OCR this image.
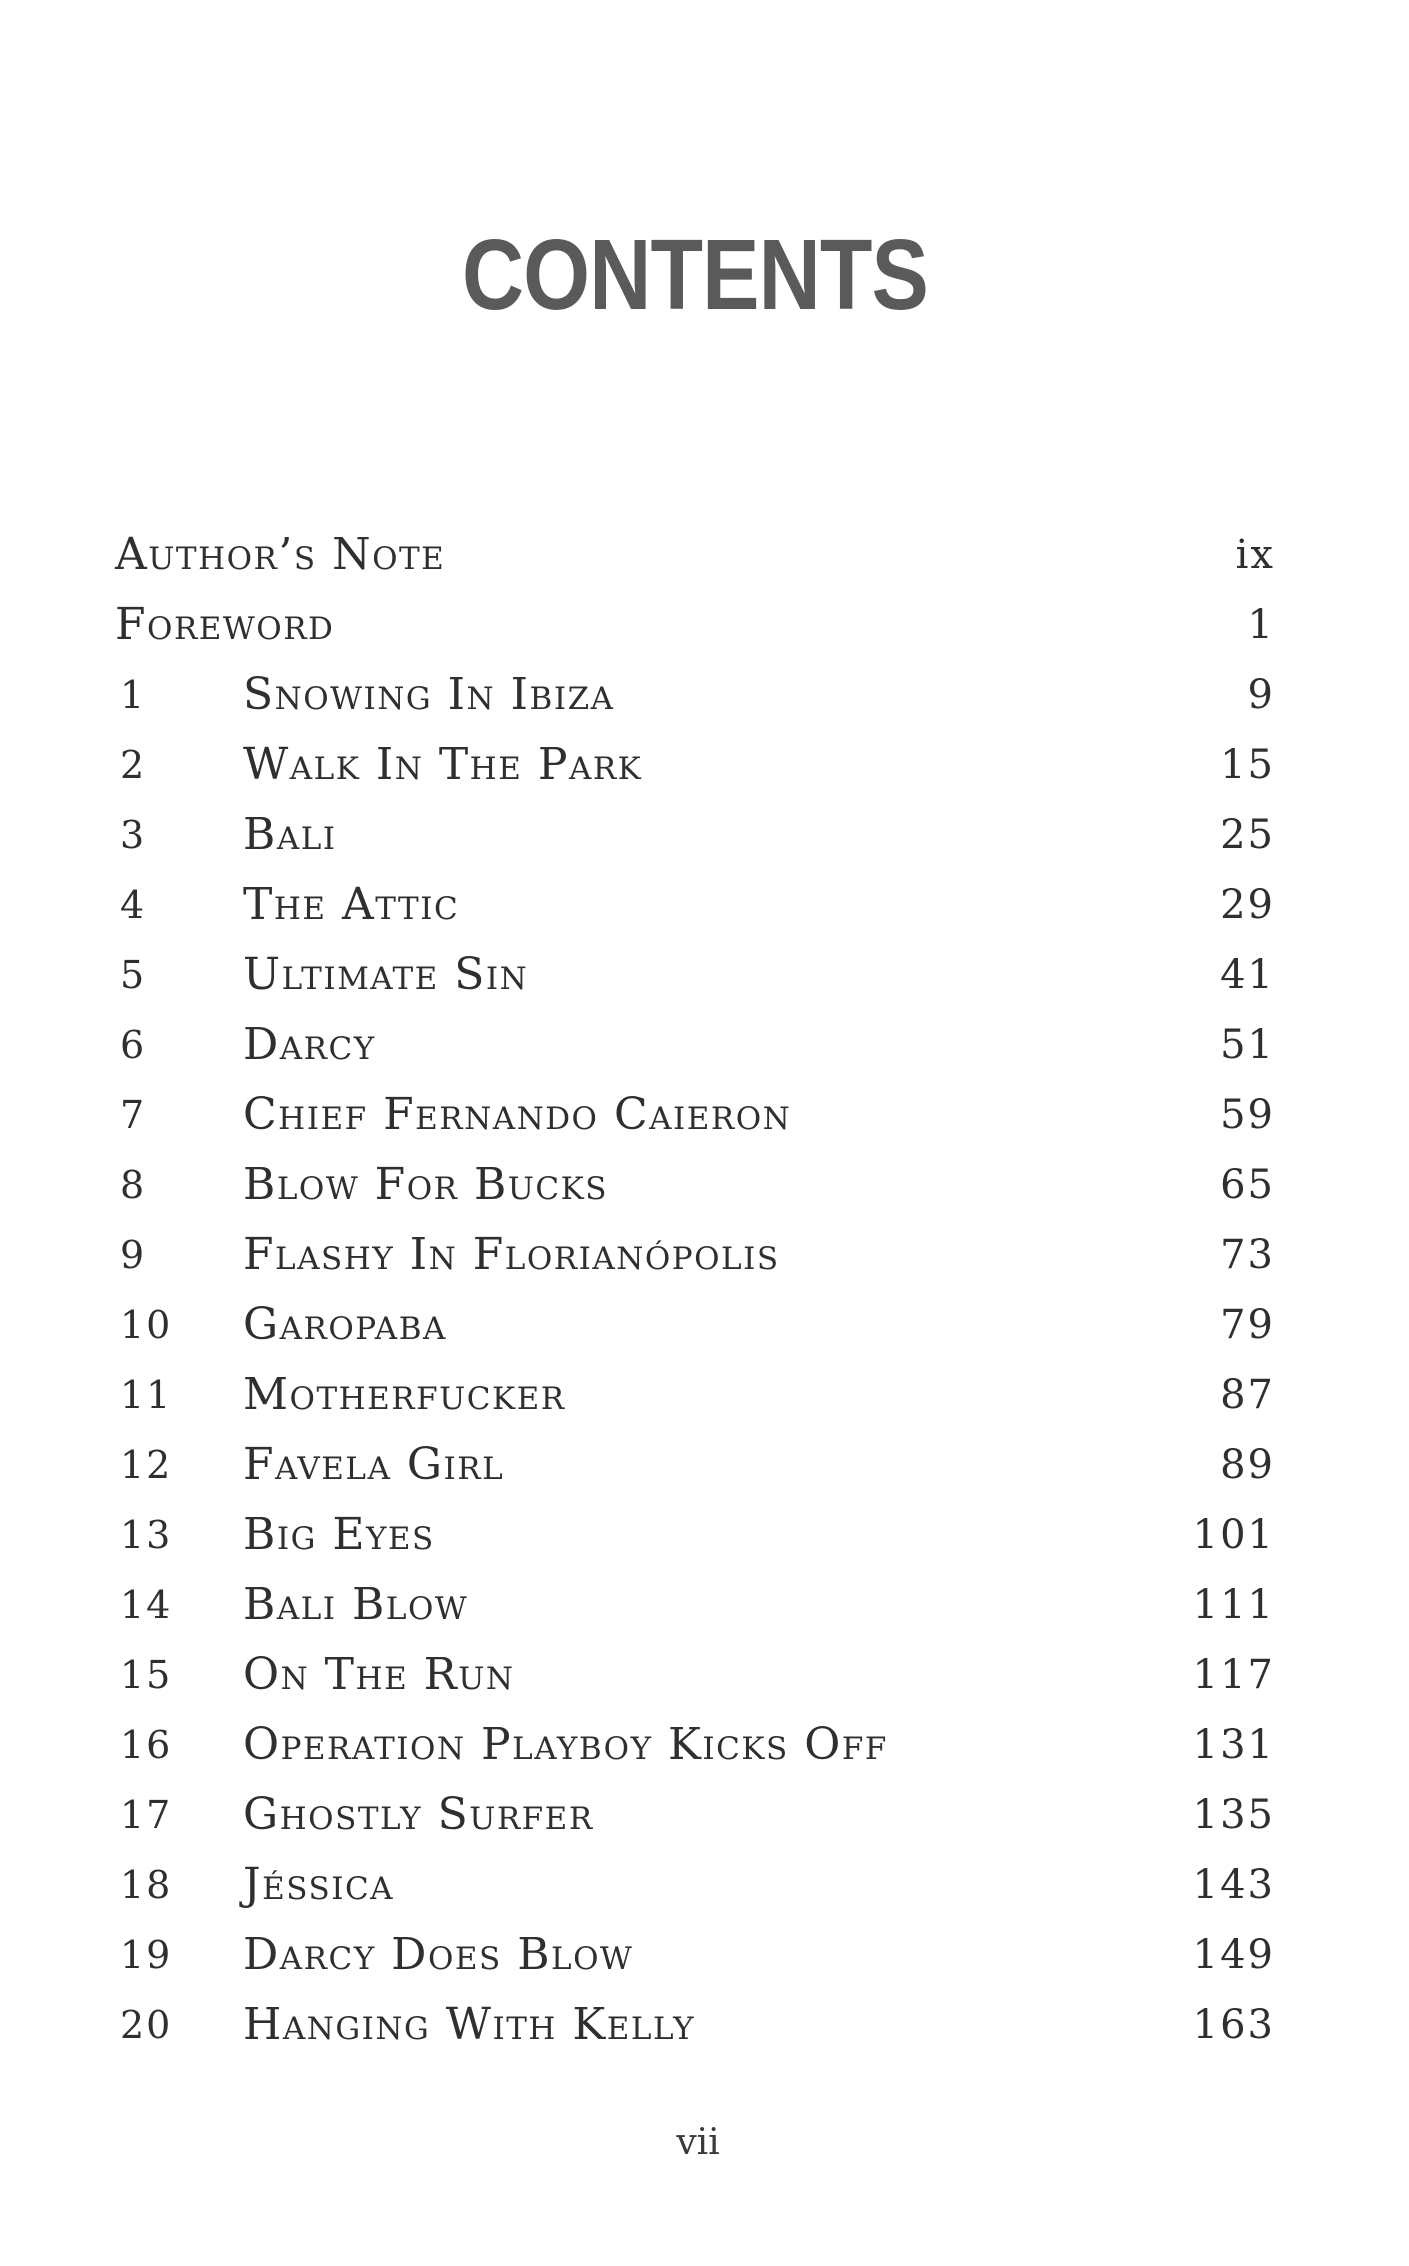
CONTENTS
Author’s Note	ix
Foreword	1
1	Snowing In Ibiza	9
2	Walk In The Park	15
3	Bali	25
4	The Attic	29
5	Ultimate Sin	41
6	Darcy	51
7	Chief Fernando Caieron	59
8	Blow For Bucks	65
9	Flashy In Florianópolis	73
10	Garopaba	79
11	Motherfucker	87
12	Favela Girl	89
13	Big Eyes	101
14	Bali Blow	111
15	On The Run	117
16	Operation Playboy Kicks Off	131
17	Ghostly Surfer	135
18	Jéssica	143
19	Darcy Does Blow	149
20	Hanging With Kelly	163
vii
